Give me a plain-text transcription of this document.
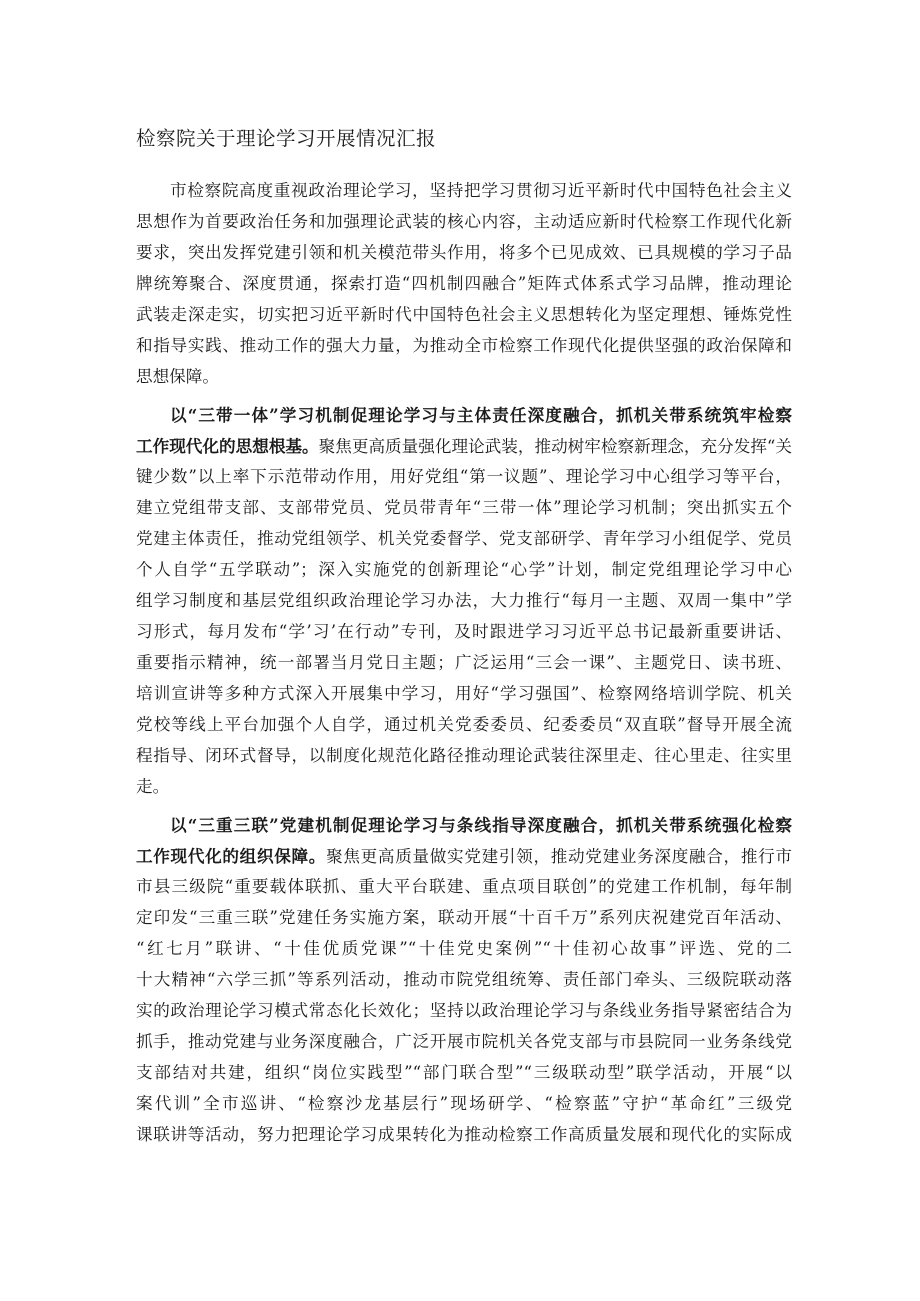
检察院关于理论学习开展情况汇报
市检察院高度重视政治理论学习，坚持把学习贯彻习近平新时代中国特色社会主义
思想作为首要政治任务和加强理论武装的核心内容，主动适应新时代检察工作现代化新
要求，突出发挥党建引领和机关模范带头作用，将多个已见成效、已具规模的学习子品
牌统筹聚合、深度贯通，探索打造“四机制四融合”矩阵式体系式学习品牌，推动理论
武装走深走实，切实把习近平新时代中国特色社会主义思想转化为坚定理想、锤炼党性
和指导实践、推动工作的强大力量，为推动全市检察工作现代化提供坚强的政治保障和
思想保障。
以“三带一体”学习机制促理论学习与主体责任深度融合，抓机关带系统筑牢检察
工作现代化的思想根基。聚焦更高质量强化理论武装，推动树牢检察新理念，充分发挥“关
键少数”以上率下示范带动作用，用好党组“第一议题”、理论学习中心组学习等平台，
建立党组带支部、支部带党员、党员带青年“三带一体”理论学习机制；突出抓实五个
党建主体责任，推动党组领学、机关党委督学、党支部研学、青年学习小组促学、党员
个人自学“五学联动”；深入实施党的创新理论“心学”计划，制定党组理论学习中心
组学习制度和基层党组织政治理论学习办法，大力推行“每月一主题、双周一集中”学
习形式，每月发布“学’习’在行动”专刊，及时跟进学习习近平总书记最新重要讲话、
重要指示精神，统一部署当月党日主题；广泛运用“三会一课”、主题党日、读书班、
培训宣讲等多种方式深入开展集中学习，用好“学习强国”、检察网络培训学院、机关
党校等线上平台加强个人自学，通过机关党委委员、纪委委员“双直联”督导开展全流
程指导、闭环式督导，以制度化规范化路径推动理论武装往深里走、往心里走、往实里
走。
以“三重三联”党建机制促理论学习与条线指导深度融合，抓机关带系统强化检察
工作现代化的组织保障。聚焦更高质量做实党建引领，推动党建业务深度融合，推行市
市县三级院“重要载体联抓、重大平台联建、重点项目联创”的党建工作机制，每年制
定印发“三重三联”党建任务实施方案，联动开展“十百千万”系列庆祝建党百年活动、
“红七月”联讲、“十佳优质党课”“十佳党史案例”“十佳初心故事”评选、党的二
十大精神“六学三抓”等系列活动，推动市院党组统筹、责任部门牵头、三级院联动落
实的政治理论学习模式常态化长效化；坚持以政治理论学习与条线业务指导紧密结合为
抓手，推动党建与业务深度融合，广泛开展市院机关各党支部与市县院同一业务条线党
支部结对共建，组织“岗位实践型”“部门联合型”“三级联动型”联学活动，开展“以
案代训”全市巡讲、“检察沙龙基层行”现场研学、“检察蓝”守护“革命红”三级党
课联讲等活动，努力把理论学习成果转化为推动检察工作高质量发展和现代化的实际成
